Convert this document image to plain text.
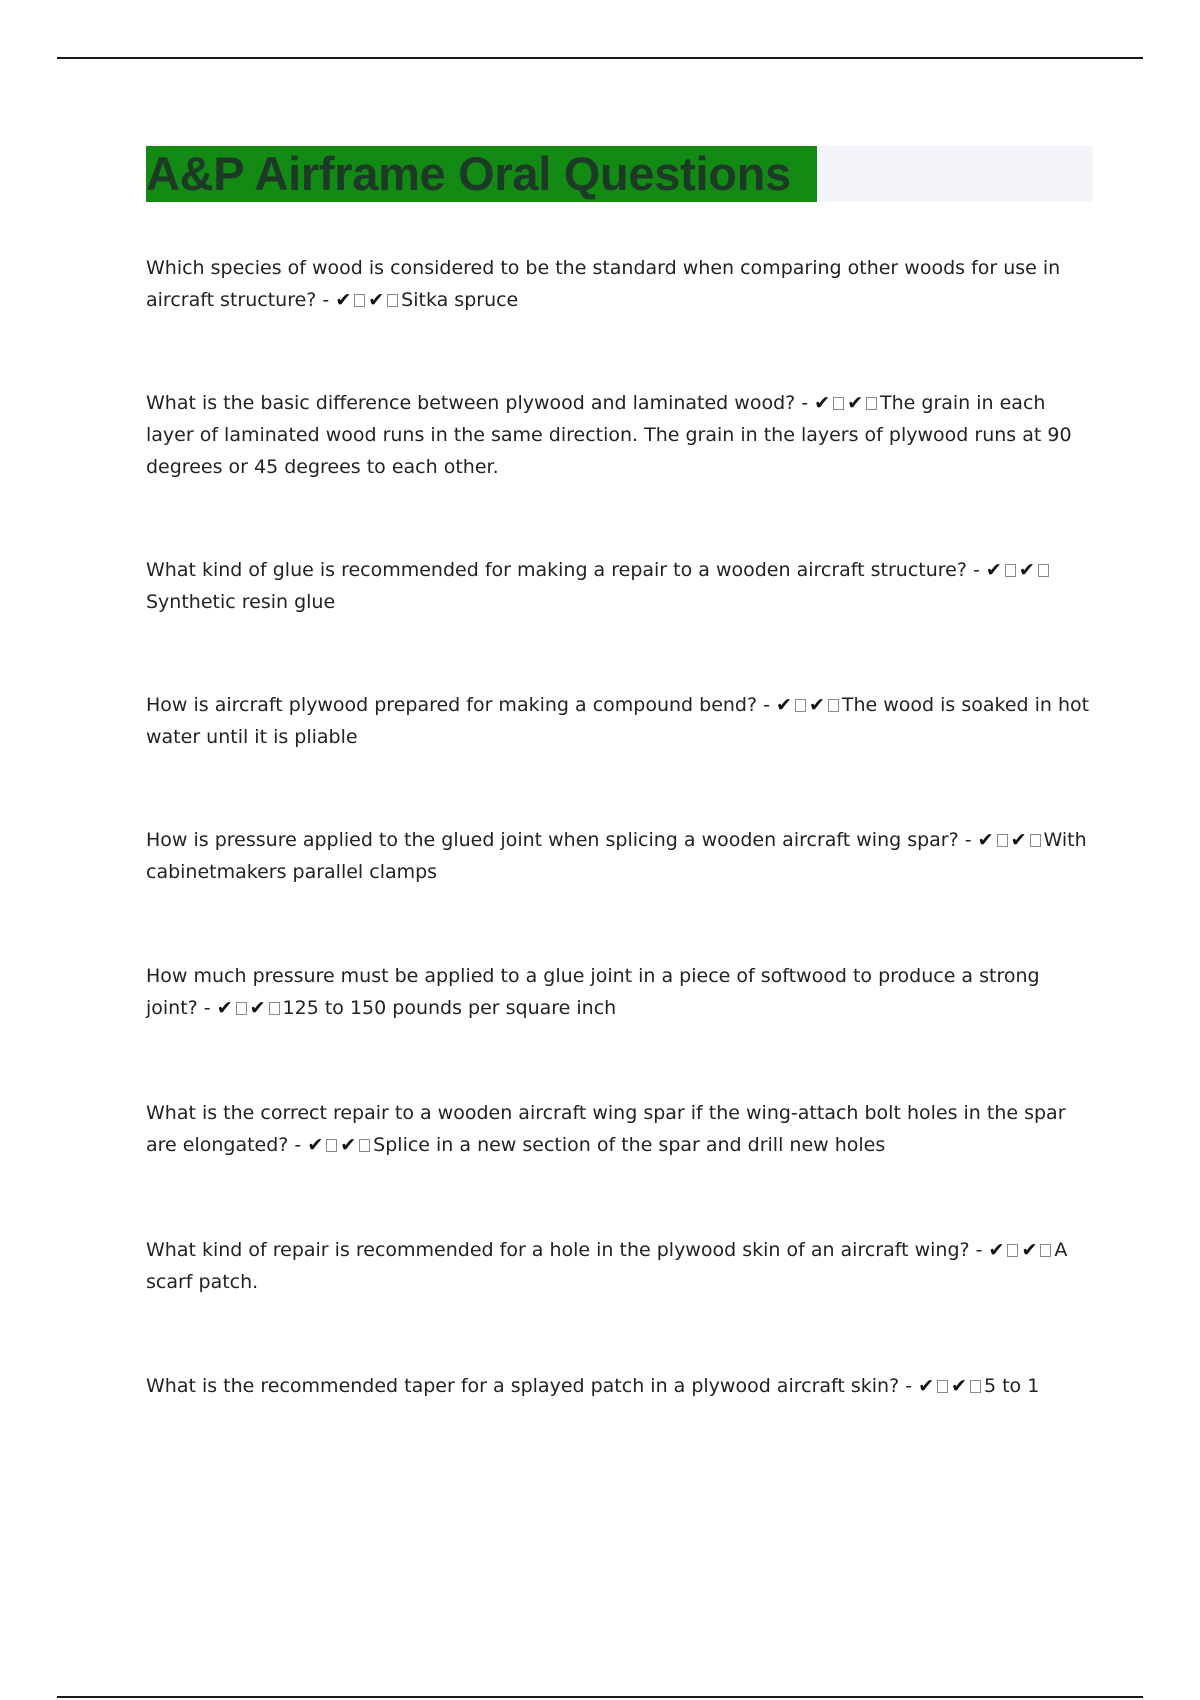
A&P Airframe Oral Questions
Which species of wood is considered to be the standard when comparing other woods for use in aircraft structure? - ✔ ✔ Sitka spruce
What is the basic difference between plywood and laminated wood? - ✔ ✔ The grain in each layer of laminated wood runs in the same direction. The grain in the layers of plywood runs at 90 degrees or 45 degrees to each other.
What kind of glue is recommended for making a repair to a wooden aircraft structure? - ✔ ✔Synthetic resin glue
How is aircraft plywood prepared for making a compound bend? - ✔ ✔ The wood is soaked in hot water until it is pliable
How is pressure applied to the glued joint when splicing a wooden aircraft wing spar? - ✔ ✔ With cabinetmakers parallel clamps
How much pressure must be applied to a glue joint in a piece of softwood to produce a strong joint? - ✔ ✔ 125 to 150 pounds per square inch
What is the correct repair to a wooden aircraft wing spar if the wing-attach bolt holes in the spar are elongated? - ✔ ✔ Splice in a new section of the spar and drill new holes
What kind of repair is recommended for a hole in the plywood skin of an aircraft wing? - ✔ ✔ A scarf patch.
What is the recommended taper for a splayed patch in a plywood aircraft skin? - ✔ ✔ 5 to 1
